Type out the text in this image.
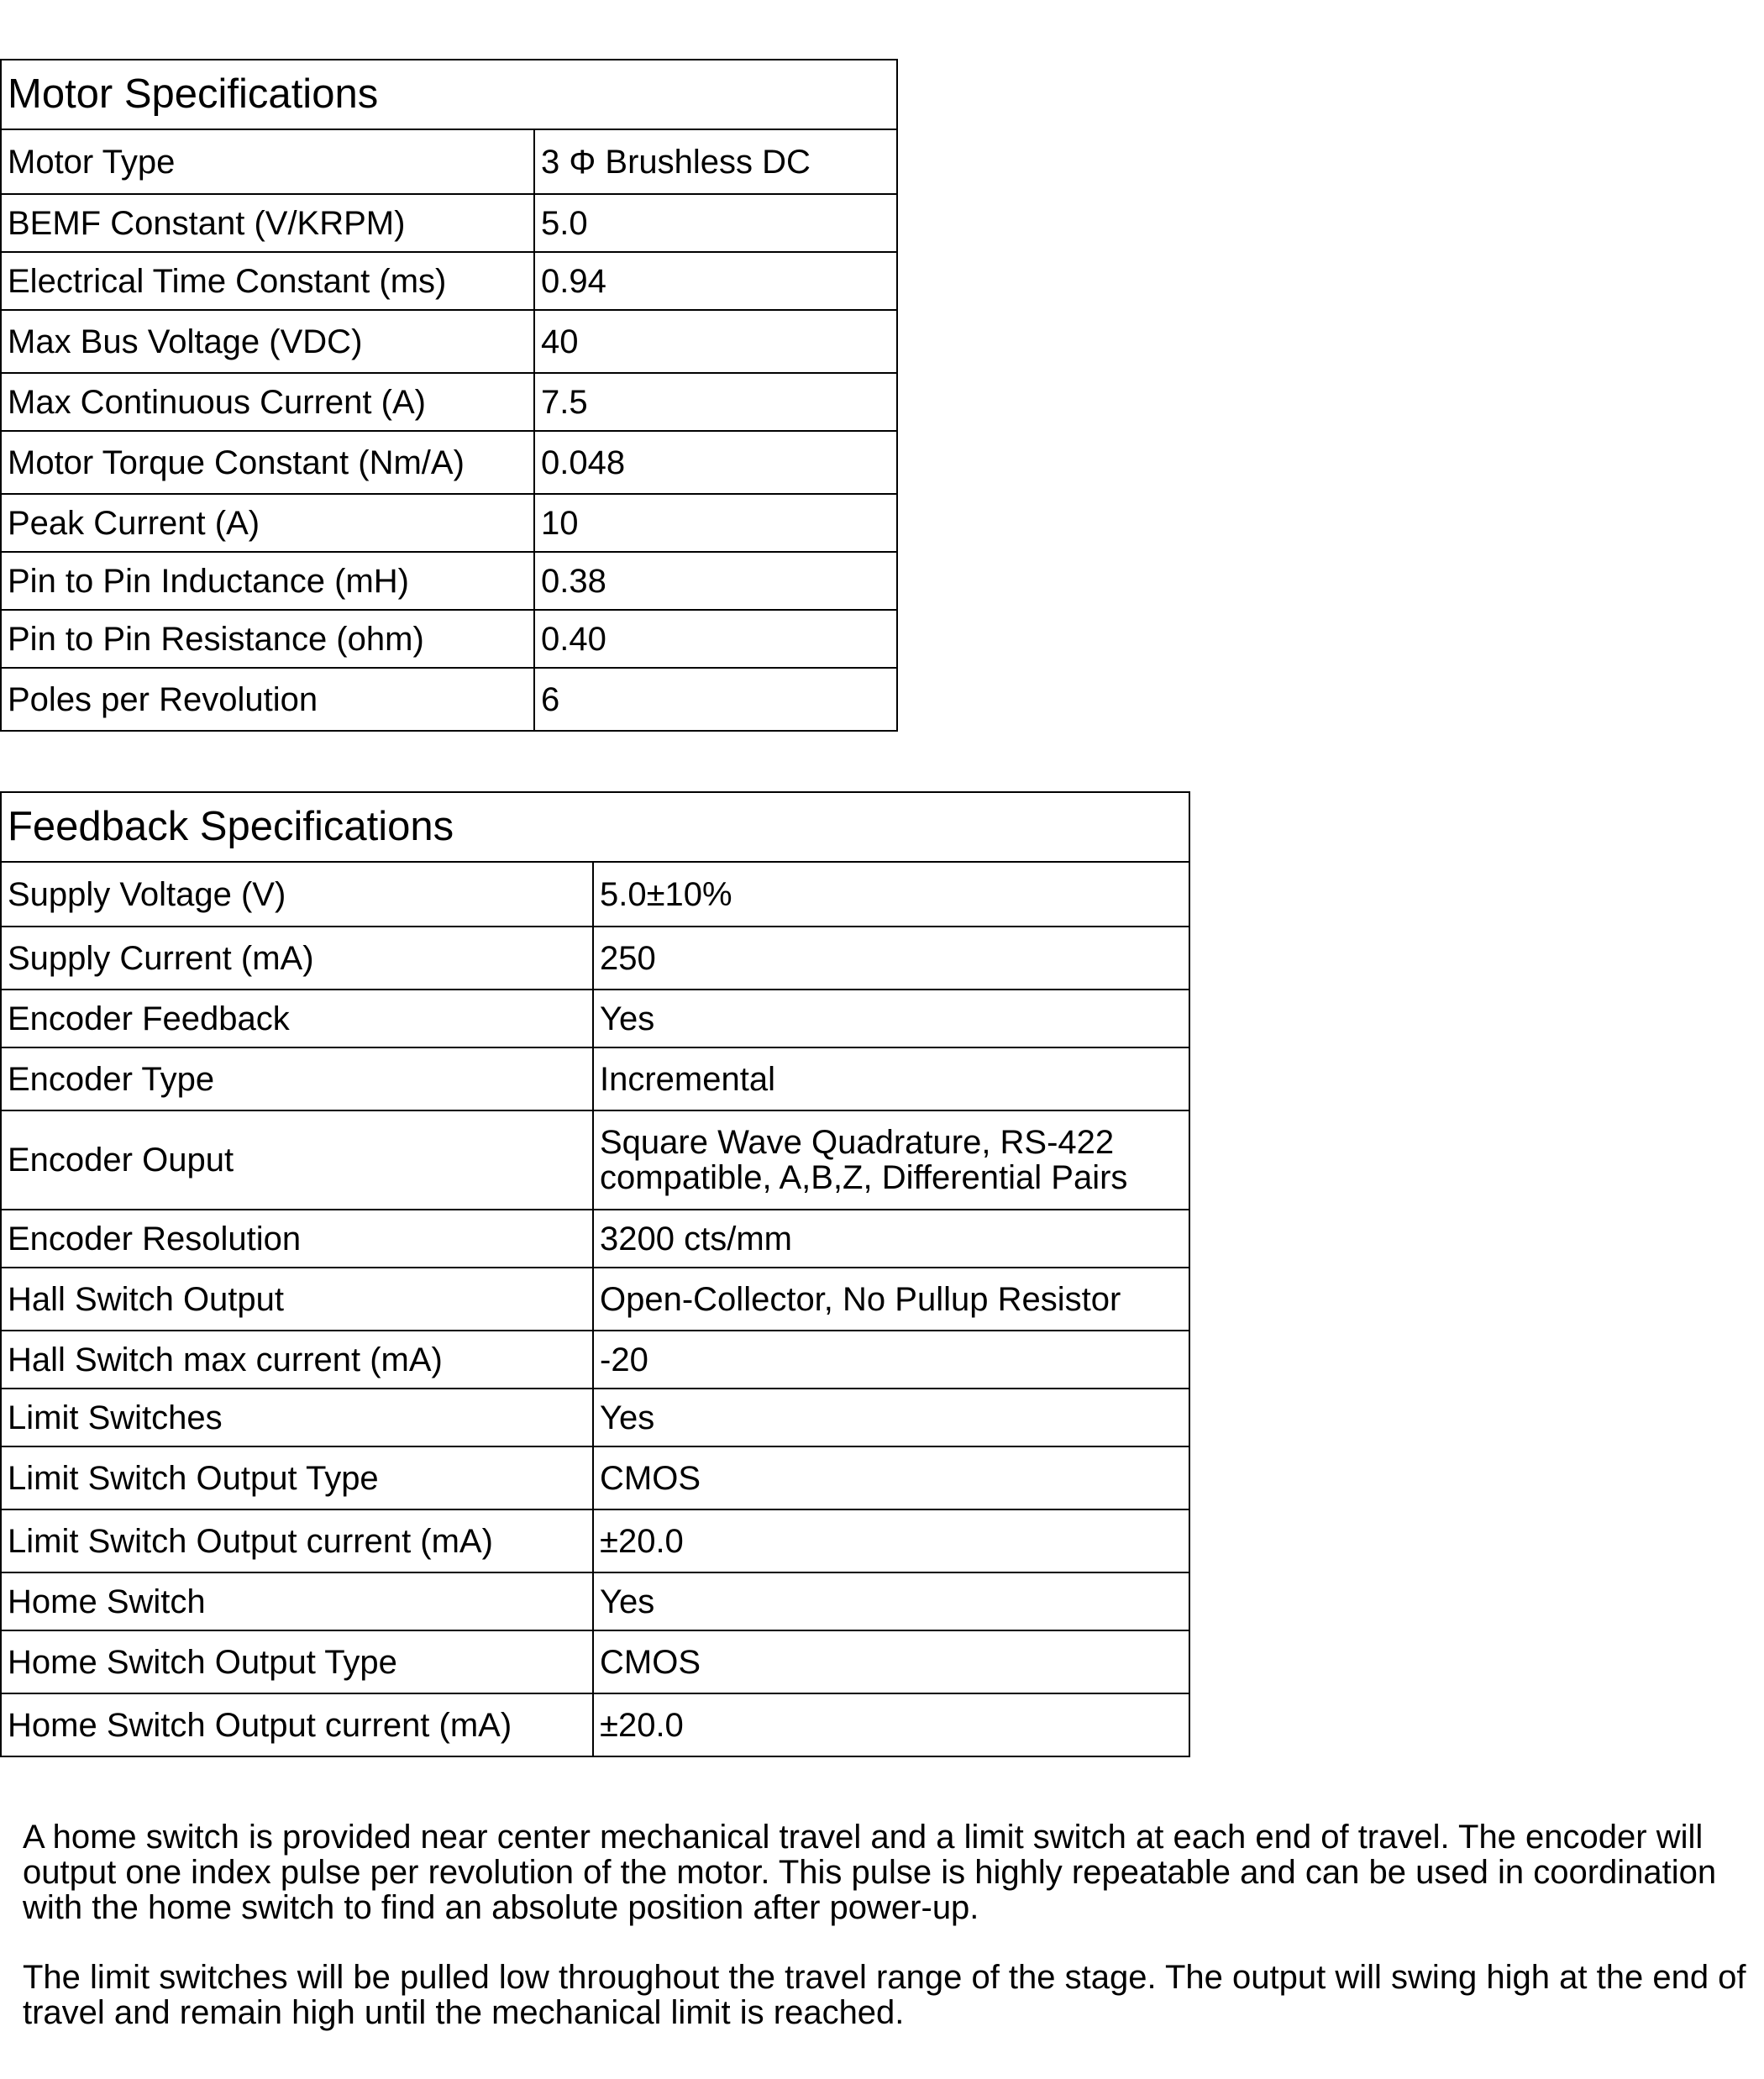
Motor Specifications	
Motor Type	3 Φ Brushless DC
BEMF Constant (V/KRPM)	5.0
Electrical Time Constant (ms)	0.94
Max Bus Voltage (VDC)	40
Max Continuous Current (A)	7.5
Motor Torque Constant (Nm/A)	0.048
Peak Current (A)	10
Pin to Pin Inductance (mH)	0.38
Pin to Pin Resistance (ohm)	0.40
Poles per Revolution	6
Feedback Specifications	
Supply Voltage (V)	5.0±10%
Supply Current (mA)	250
Encoder Feedback	Yes
Encoder Type	Incremental
Encoder Ouput	Square Wave Quadrature, RS-422 compatible, A,B,Z, Differential Pairs
Encoder Resolution	3200 cts/mm
Hall Switch Output	Open-Collector, No Pullup Resistor
Hall Switch max current (mA)	-20
Limit Switches	Yes
Limit Switch Output Type	CMOS
Limit Switch Output current (mA)	±20.0
Home Switch	Yes
Home Switch Output Type	CMOS
Home Switch Output current (mA)	±20.0

A home switch is provided near center mechanical travel and a limit switch at each end of travel. The encoder will output one index pulse per revolution of the motor. This pulse is highly repeatable and can be used in coordination with the home switch to find an absolute position after power-up.

The limit switches will be pulled low throughout the travel range of the stage. The output will swing high at the end of travel and remain high until the mechanical limit is reached.
